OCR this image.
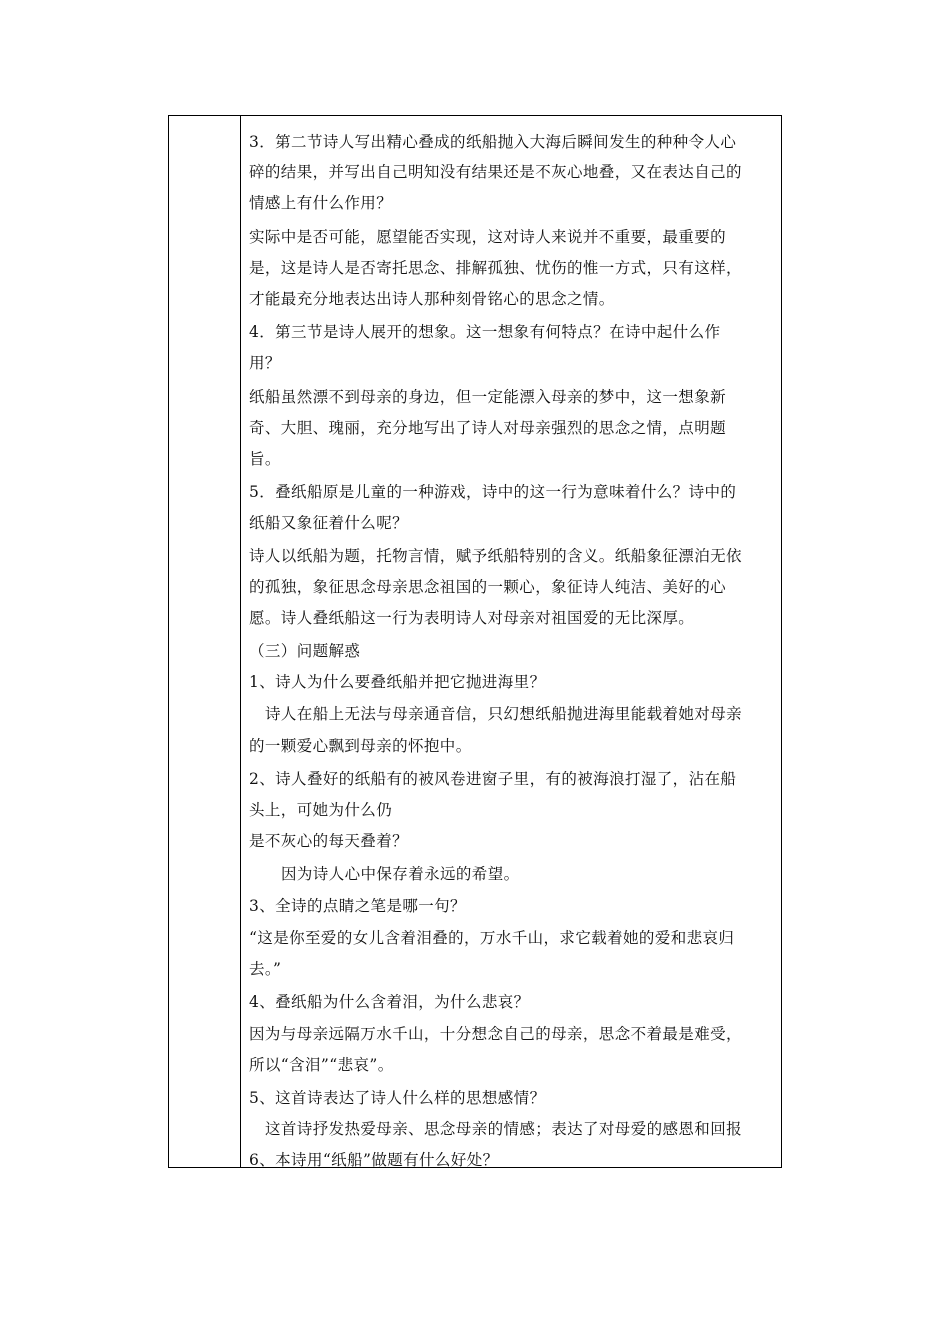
3．第二节诗人写出精心叠成的纸船抛入大海后瞬间发生的种种令人心
碎的结果，并写出自己明知没有结果还是不灰心地叠，又在表达自己的
情感上有什么作用？
实际中是否可能，愿望能否实现，这对诗人来说并不重要，最重要的
是，这是诗人是否寄托思念、排解孤独、忧伤的惟一方式，只有这样，
才能最充分地表达出诗人那种刻骨铭心的思念之情。
4．第三节是诗人展开的想象。这一想象有何特点？在诗中起什么作
用？
纸船虽然漂不到母亲的身边，但一定能漂入母亲的梦中，这一想象新
奇、大胆、瑰丽，充分地写出了诗人对母亲强烈的思念之情，点明题
旨。
5．叠纸船原是儿童的一种游戏，诗中的这一行为意味着什么？诗中的
纸船又象征着什么呢？
诗人以纸船为题，托物言情，赋予纸船特别的含义。纸船象征漂泊无依
的孤独，象征思念母亲思念祖国的一颗心，象征诗人纯洁、美好的心
愿。诗人叠纸船这一行为表明诗人对母亲对祖国爱的无比深厚。
（三）问题解惑
1、诗人为什么要叠纸船并把它抛进海里？
诗人在船上无法与母亲通音信，只幻想纸船抛进海里能载着她对母亲
的一颗爱心飘到母亲的怀抱中。
2、诗人叠好的纸船有的被风卷进窗子里，有的被海浪打湿了，沾在船
头上，可她为什么仍
是不灰心的每天叠着？
因为诗人心中保存着永远的希望。
3、全诗的点睛之笔是哪一句？
“这是你至爱的女儿含着泪叠的，万水千山，求它载着她的爱和悲哀归
去。”
4、叠纸船为什么含着泪，为什么悲哀？
因为与母亲远隔万水千山，十分想念自己的母亲，思念不着最是难受，
所以“含泪”“悲哀”。
5、这首诗表达了诗人什么样的思想感情？
这首诗抒发热爱母亲、思念母亲的情感；表达了对母爱的感恩和回报
6、本诗用“纸船”做题有什么好处？
